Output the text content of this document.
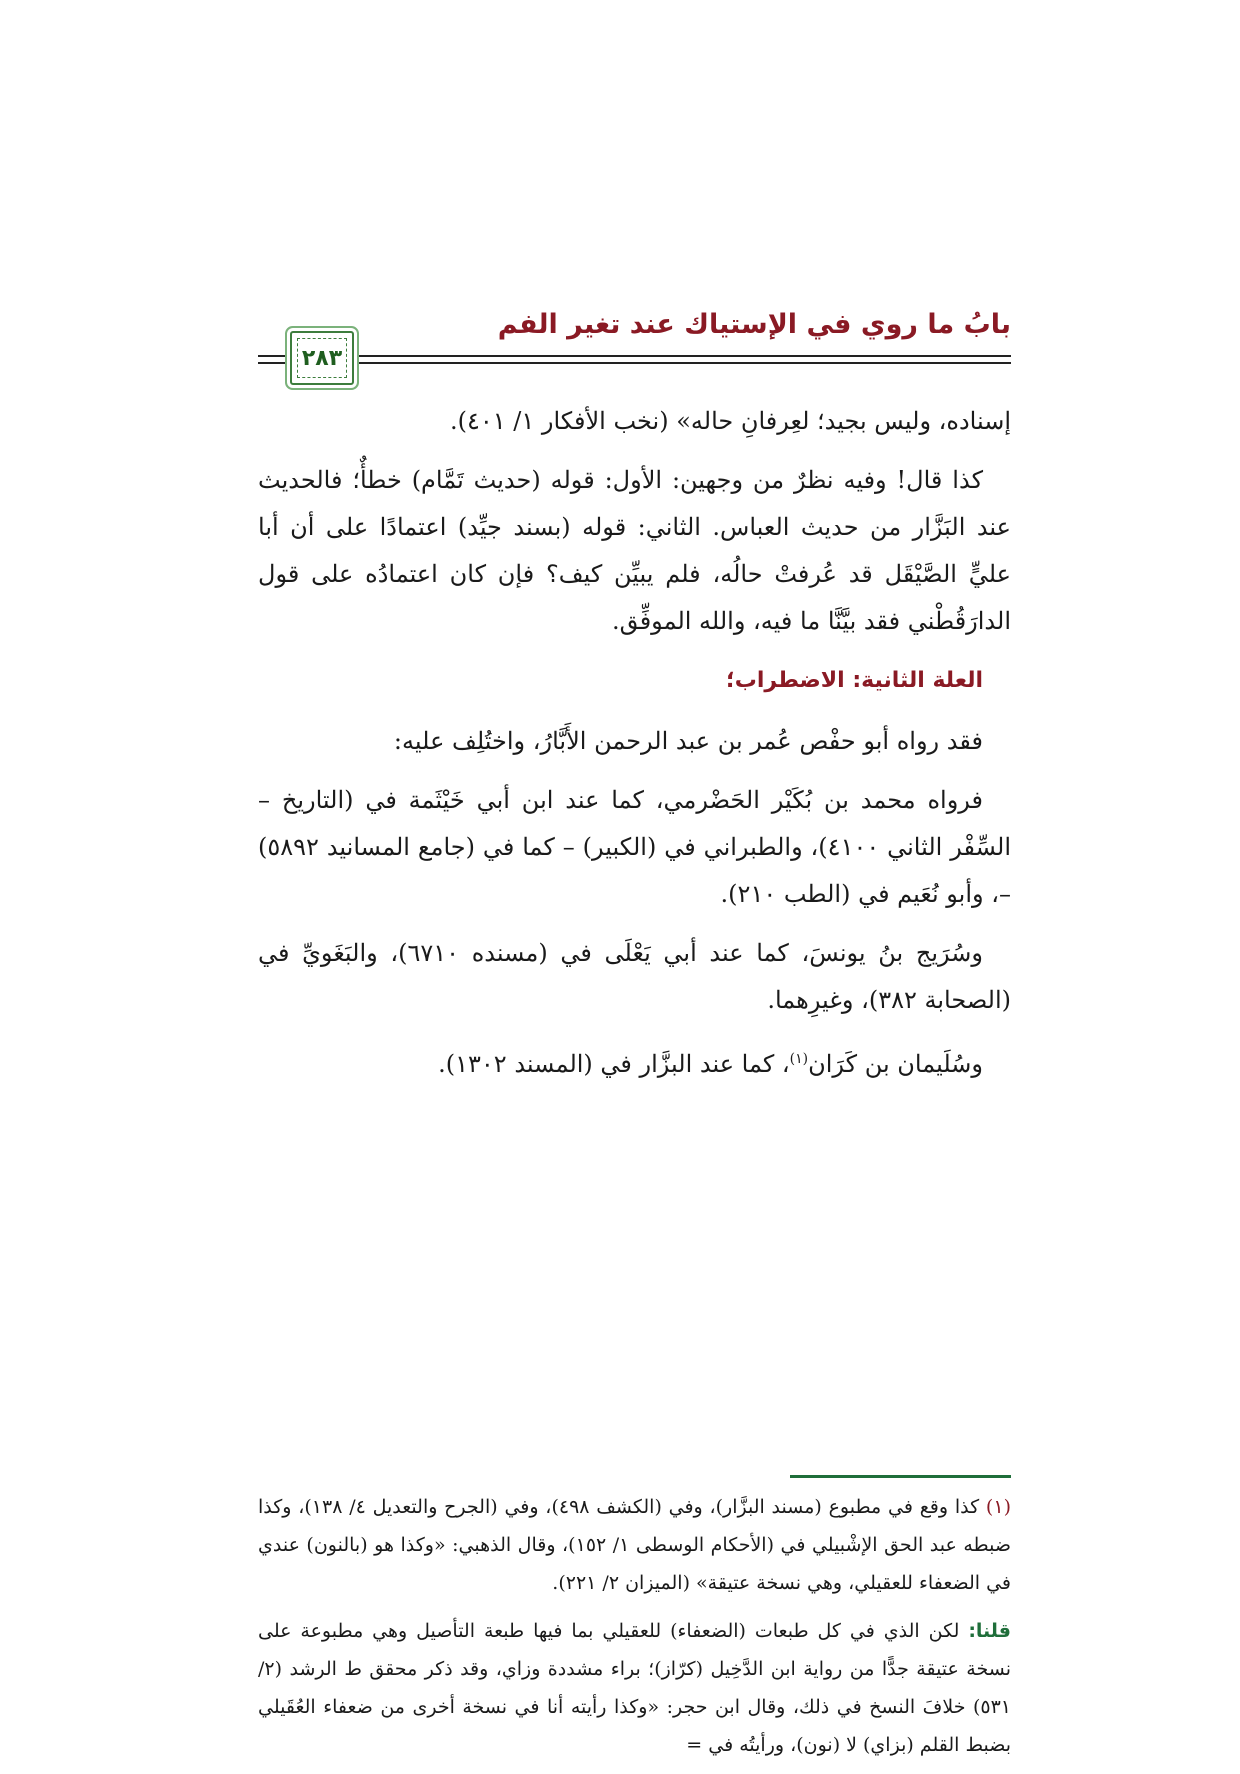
بابُ ما روي في الإستياك عند تغير الفم
٢٨٣

إسناده، وليس بجيد؛ لعِرفانِ حاله» (نخب الأفكار ١/ ٤٠١).

كذا قال! وفيه نظرٌ من وجهين: الأول: قوله (حديث تَمَّام) خطأٌ؛ فالحديث عند البَزَّار من حديث العباس. الثاني: قوله (بسند جيِّد) اعتمادًا على أن أبا عليٍّ الصَّيْقَل قد عُرفتْ حالُه، فلم يبيِّن كيف؟ فإن كان اعتمادُه على قول الدارَقُطْني فقد بيَّنَّا ما فيه، والله الموفِّق.

العلة الثانية: الاضطراب؛

فقد رواه أبو حفْص عُمر بن عبد الرحمن الأَبَّارُ، واختُلِف عليه:

فرواه محمد بن بُكَيْر الحَضْرمي، كما عند ابن أبي خَيْثَمة في (التاريخ – السِّفْر الثاني ٤١٠٠)، والطبراني في (الكبير) – كما في (جامع المسانيد ٥٨٩٢) –، وأبو نُعَيم في (الطب ٢١٠).

وسُرَيج بنُ يونسَ، كما عند أبي يَعْلَى في (مسنده ٦٧١٠)، والبَغَويِّ في (الصحابة ٣٨٢)، وغيرِهما.

وسُلَيمان بن كَرَان$^{(١)}$، كما عند البزَّار في (المسند ١٣٠٢).

(١) كذا وقع في مطبوع (مسند البزَّار)، وفي (الكشف ٤٩٨)، وفي (الجرح والتعديل ٤/ ١٣٨)، وكذا ضبطه عبد الحق الإشْبيلي في (الأحكام الوسطى ١/ ١٥٢)، وقال الذهبي: «وكذا هو (بالنون) عندي في الضعفاء للعقيلي، وهي نسخة عتيقة» (الميزان ٢/ ٢٢١).

قلنا: لكن الذي في كل طبعات (الضعفاء) للعقيلي بما فيها طبعة التأصيل وهي مطبوعة على نسخة عتيقة جدًّا من رواية ابن الدَّخِيل (كرّاز)؛ براء مشددة وزاي، وقد ذكر محقق ط الرشد (٢/ ٥٣١) خلافَ النسخ في ذلك، وقال ابن حجر: «وكذا رأيته أنا في نسخة أخرى من ضعفاء العُقَيلي بضبط القلم (بزاي) لا (نون)، ورأيتُه في =
